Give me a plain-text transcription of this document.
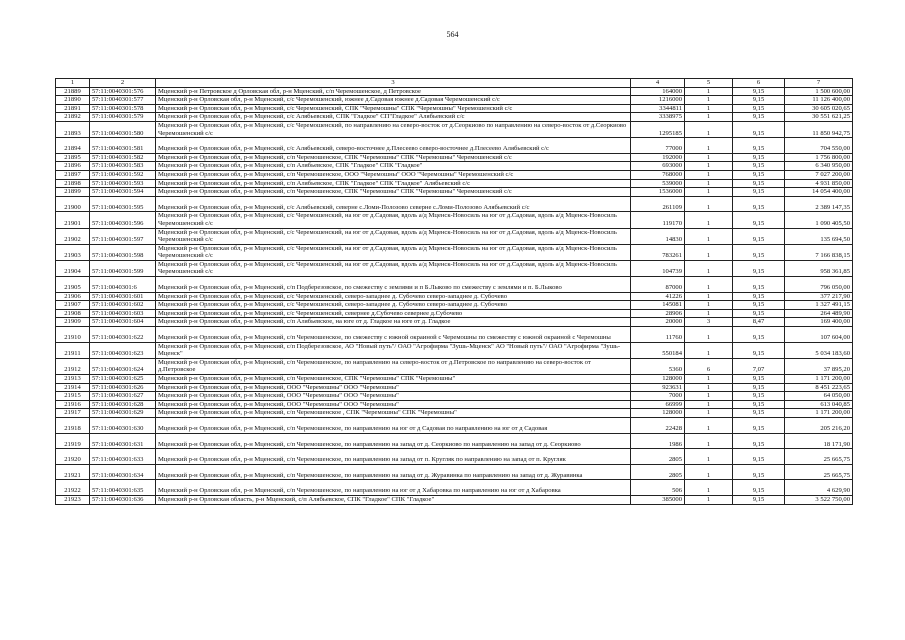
564
1	2	3	4	5	6	7
21889	57:11:0040301:576	Мценский р-н Петровское д Орловская обл, р-н Мценский, с/п Черемошенское, д Петровское	164000	1	9,15	1 500 600,00
21890	57:11:0040301:577	Мценский р-н Орловская обл, р-н Мценский, с/с Черемошенский, южнее д.Садовая южнее д.Садовая Черемошенский с/с	1216000	1	9,15	11 126 400,00
21891	57:11:0040301:578	Мценский р-н Орловская обл, р-н Мценский, с/с Черемошенский, СПК "Черемошны" СПК "Черемошны" Черемошенский с/с	3344811	1	9,15	30 605 020,65
21892	57:11:0040301:579	Мценский р-н Орловская обл, р-н Мценский, с/с Алябьевский, СПК "Гладкое" СП"Гладкое" Алябьевский с/с	3338975	1	9,15	30 551 621,25
21893	57:11:0040301:580	Мценский р-н Орловская обл, р-н Мценский, с/с Черемошенский, по направлению на северо-восток от д.Сеоркиово по направлению на северо-восток от д.Сеоркиово Черемошенский с/с	1295185	1	9,15	11 850 942,75
21894	57:11:0040301:581	Мценский р-н Орловская обл, р-н Мценский, с/с Алябьевский, северо-восточнее д.Плесеево северо-восточнее д.Плесеево Алябьевский с/с	77000	1	9,15	704 550,00
21895	57:11:0040301:582	Мценский р-н Орловская обл, р-н Мценский, с/п Черемошенское, СПК "Черемошны" СПК "Черемошны" Черемошенский с/с	192000	1	9,15	1 756 800,00
21896	57:11:0040301:583	Мценский р-н Орловская обл, р-н Мценский, с/п Алябьевское, СПК "Гладкое" СПК "Гладкое"	693000	1	9,15	6 340 950,00
21897	57:11:0040301:592	Мценский р-н Орловская обл, р-н Мценский, с/п Черемошенское, ООО "Черемошны" ООО "Черемошны" Черемошенский с/с	768000	1	9,15	7 027 200,00
21898	57:11:0040301:593	Мценский р-н Орловская обл, р-н Мценский, с/п Алябьевское, СПК "Гладкое" СПК "Гладкое" Алябьевский с/с	539000	1	9,15	4 931 850,00
21899	57:11:0040301:594	Мценский р-н Орловская обл, р-н Мценский, с/п Черемошенское, СПК "Черемошны" СПК "Черемошны" Черемошенский с/с	1536000	1	9,15	14 054 400,00
21900	57:11:0040301:595	Мценский р-н Орловская обл, р-н Мценский, с/с Алябьевский, северне с.Ломи-Полозово северне с.Ломи-Полозово Алябьевский с/с	261109	1	9,15	2 389 147,35
21901	57:11:0040301:596	Мценский р-н Орловская обл, р-н Мценский, с/с Черемошенский, на юг от д.Садовая, вдоль а/д Мценск-Новосиль на юг от д.Садовая, вдоль а/д Мценск-Новосиль Черемошенский с/с	119170	1	9,15	1 090 405,50
21902	57:11:0040301:597	Мценский р-н Орловская обл, р-н Мценский, с/с Черемошенский, на юг от д.Садовая, вдоль а/д Мценск-Новосиль на юг от д.Садовая, вдоль а/д Мценск-Новосиль Черемошенский с/с	14830	1	9,15	135 694,50
21903	57:11:0040301:598	Мценский р-н Орловская обл, р-н Мценский, с/с Черемошенский, на юг от д.Садовая, вдоль а/д Мценск-Новосиль на юг от д.Садовая, вдоль а/д Мценск-Новосиль Черемошенский с/с	783261	1	9,15	7 166 838,15
21904	57:11:0040301:599	Мценский р-н Орловская обл, р-н Мценский, с/с Черемошенский, на юг от д.Садовая, вдоль а/д Мценск-Новосиль на юг от д.Садовая, вдоль а/д Мценск-Новосиль Черемошенский с/с	104739	1	9,15	958 361,85
21905	57:11:0040301:6	Мценский р-н Орловская обл, р-н Мценский, с/п Подберезовское, по смежеству с землями и п Б.Лыково по смежеству с землями и п. Б.Лыково	87000	1	9,15	796 050,00
21906	57:11:0040301:601	Мценский р-н Орловская обл, р-н Мценский, с/с Черемошенский, северо-западнее д. Субочево северо-западнее д. Субочево	41226	1	9,15	377 217,90
21907	57:11:0040301:602	Мценский р-н Орловская обл, р-н Мценский, с/с Черемошенский, северо-западнее д. Субочево северо-западнее д. Субочево	145081	1	9,15	1 327 491,15
21908	57:11:0040301:603	Мценский р-н Орловская обл, р-н Мценский, с/с Черемошенский, севернее д.Субочево севернее д.Субочево	28906	1	9,15	264 489,90
21909	57:11:0040301:604	Мценский р-н Орловская обл, р-н Мценский, с/п Алябьевское, на юге от д. Гладкое на юге от д. Гладкое	20000	3	8,47	169 400,00
21910	57:11:0040301:622	Мценский р-н Орловская обл, р-н Мценский, с/п Черемошенское, по смежеству с южной окраиной с Черемошны по смежеству с южной окраиной с Черемошны	11760	1	9,15	107 604,00
21911	57:11:0040301:623	Мценский р-н Орловская обл, р-н Мценский, с/п Подберезовское, АО "Новый путь"/ ОАО "Агрофирма "Зушь-Мценск" АО "Новый путь"/ ОАО "Агрофирма "Зушь-Мценск"	550184	1	9,15	5 034 183,60
21912	57:11:0040301:624	Мценский р-н Орловская обл, р-н Мценский, с/п Черемошенское, по направлению на северо-восток от д.Петровское по направлению на северо-восток от д.Петровское	5360	6	7,07	37 895,20
21913	57:11:0040301:625	Мценский р-н Орловская обл, р-н Мценский, с/п Черемошенское, СПК "Черемошны" СПК "Черемошны"	128000	1	9,15	1 171 200,00
21914	57:11:0040301:626	Мценский р-н Орловская обл, р-н Мценский, ООО "Черемошны" ООО "Черемошны"	923631	1	9,15	8 451 223,65
21915	57:11:0040301:627	Мценский р-н Орловская обл, р-н Мценский, ООО "Черемошны" ООО "Черемошны"	7000	1	9,15	64 050,00
21916	57:11:0040301:628	Мценский р-н Орловская обл, р-н Мценский, ООО "Черемошны" ООО "Черемошны"	66999	1	9,15	613 040,85
21917	57:11:0040301:629	Мценский р-н Орловская обл, р-н Мценский, с/п Черемошенское , СПК "Черемошны" СПК "Черемошны"	128000	1	9,15	1 171 200,00
21918	57:11:0040301:630	Мценский р-н Орловская обл, р-н Мценский, с/п Черемошенское, по направлению на юг от д Садовая по направлению на юг от д Садовая	22428	1	9,15	205 216,20
21919	57:11:0040301:631	Мценский р-н Орловская обл, р-н Мценский, с/п Черемошенское, по направлению на запад от д. Сеоркиово по направлению на запад от д. Сеоркиово	1986	1	9,15	18 171,90
21920	57:11:0040301:633	Мценский р-н Орловская обл, р-н Мценский, с/п Черемошенское, по направлению на запад от п. Кругляк по направлению на запад от п. Кругляк	2805	1	9,15	25 665,75
21921	57:11:0040301:634	Мценский р-н Орловская обл, р-н Мценский, с/п Черемошенское, по направлению на запад от д. Журавинка по направлению на запад от д. Журавинка	2805	1	9,15	25 665,75
21922	57:11:0040301:635	Мценский р-н Орловская обл, р-н Мценский, с/п Черемошенское, по направлению на юг от д Хабаровка по направлению на юг от д Хабаровка	506	1	9,15	4 629,90
21923	57:11:0040301:636	Мценский р-н Орловская область, р-н Мценский, с/п Алябьевское, СПК "Гладкое" СПК "Гладкое"	385000	1	9,15	3 522 750,00
